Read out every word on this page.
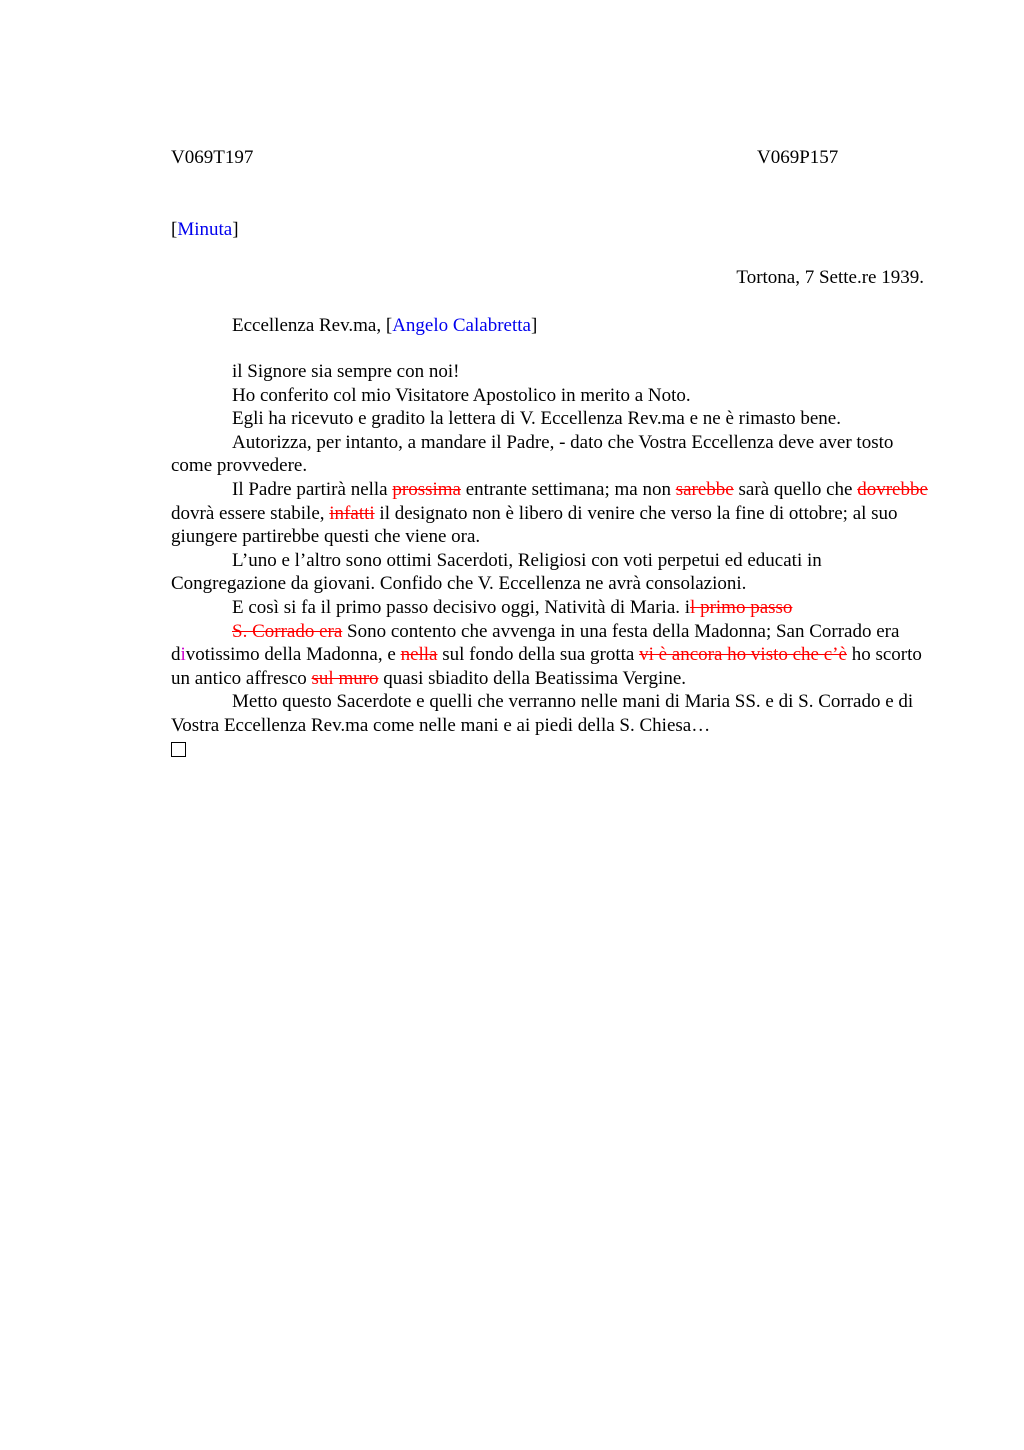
V069T197	V069P157
[Minuta]
Tortona, 7 Sette.re 1939.
Eccellenza Rev.ma, [Angelo Calabretta]

il Signore sia sempre con noi!

Ho conferito col mio Visitatore Apostolico in merito a Noto.

Egli ha ricevuto e gradito la lettera di V. Eccellenza Rev.ma e ne è rimasto bene.

Autorizza, per intanto, a mandare il Padre, - dato che Vostra Eccellenza deve aver tosto come provvedere.

Il Padre partirà nella prossima entrante settimana; ma non sarebbe sarà quello che dovrebbe dovrà essere stabile, infatti il designato non è libero di venire che verso la fine di ottobre; al suo giungere partirebbe questi che viene ora.

L’uno e l’altro sono ottimi Sacerdoti, Religiosi con voti perpetui ed educati in Congregazione da giovani. Confido che V. Eccellenza ne avrà consolazioni.

E così si fa il primo passo decisivo oggi, Natività di Maria. il primo passo

S. Corrado era Sono contento che avvenga in una festa della Madonna; San Corrado era divotissimo della Madonna, e nella sul fondo della sua grotta vi è ancora ho visto che c’è ho scorto un antico affresco sul muro quasi sbiadito della Beatissima Vergine.

Metto questo Sacerdote e quelli che verranno nelle mani di Maria SS. e di S. Corrado e di Vostra Eccellenza Rev.ma come nelle mani e ai piedi della S. Chiesa…
